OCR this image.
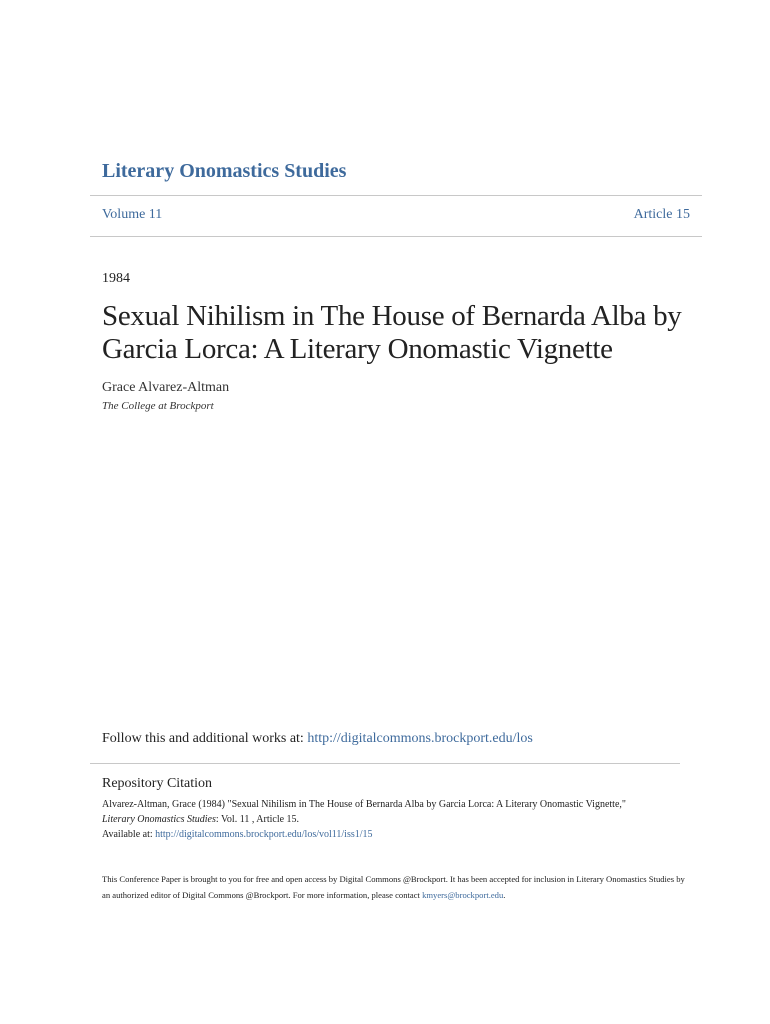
Literary Onomastics Studies
Volume 11	Article 15
1984
Sexual Nihilism in The House of Bernarda Alba by Garcia Lorca: A Literary Onomastic Vignette
Grace Alvarez-Altman
The College at Brockport
Follow this and additional works at: http://digitalcommons.brockport.edu/los
Repository Citation
Alvarez-Altman, Grace (1984) "Sexual Nihilism in The House of Bernarda Alba by Garcia Lorca: A Literary Onomastic Vignette,"
Literary Onomastics Studies: Vol. 11 , Article 15.
Available at: http://digitalcommons.brockport.edu/los/vol11/iss1/15
This Conference Paper is brought to you for free and open access by Digital Commons @Brockport. It has been accepted for inclusion in Literary Onomastics Studies by an authorized editor of Digital Commons @Brockport. For more information, please contact kmyers@brockport.edu.
